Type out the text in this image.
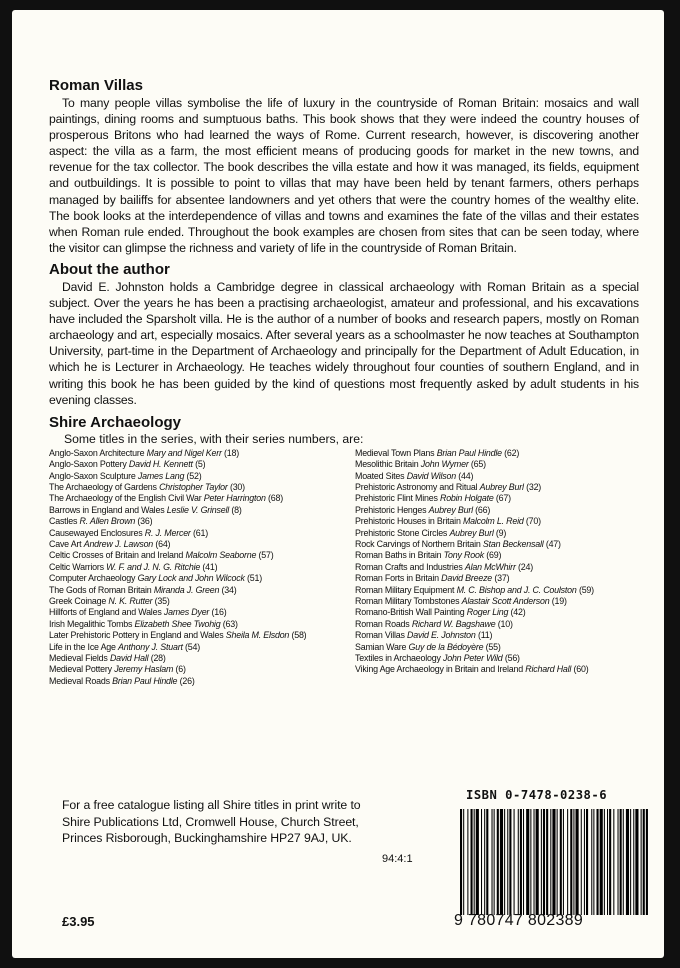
Roman Villas

To many people villas symbolise the life of luxury in the countryside of Roman Britain: mosaics and wall paintings, dining rooms and sumptuous baths. This book shows that they were indeed the country houses of prosperous Britons who had learned the ways of Rome. Current research, however, is discovering another aspect: the villa as a farm, the most efficient means of producing goods for market in the new towns, and revenue for the tax collector. The book describes the villa estate and how it was managed, its fields, equipment and outbuildings. It is possible to point to villas that may have been held by tenant farmers, others perhaps managed by bailiffs for absentee landowners and yet others that were the country homes of the wealthy elite. The book looks at the interdependence of villas and towns and examines the fate of the villas and their estates when Roman rule ended. Throughout the book examples are chosen from sites that can be seen today, where the visitor can glimpse the richness and variety of life in the countryside of Roman Britain.

About the author

David E. Johnston holds a Cambridge degree in classical archaeology with Roman Britain as a special subject. Over the years he has been a practising archaeologist, amateur and professional, and his excavations have included the Sparsholt villa. He is the author of a number of books and research papers, mostly on Roman archaeology and art, especially mosaics. After several years as a schoolmaster he now teaches at Southampton University, part-time in the Department of Archaeology and principally for the Department of Adult Education, in which he is Lecturer in Archaeology. He teaches widely throughout four counties of southern England, and in writing this book he has been guided by the kind of questions most frequently asked by adult students in his evening classes.

Shire Archaeology
Some titles in the series, with their series numbers, are:
Anglo-Saxon Architecture Mary and Nigel Kerr (18)
Anglo-Saxon Pottery David H. Kennett (5)
Anglo-Saxon Sculpture James Lang (52)
The Archaeology of Gardens Christopher Taylor (30)
The Archaeology of the English Civil War Peter Harrington (68)
Barrows in England and Wales Leslie V. Grinsell (8)
Castles R. Allen Brown (36)
Causewayed Enclosures R. J. Mercer (61)
Cave Art Andrew J. Lawson (64)
Celtic Crosses of Britain and Ireland Malcolm Seaborne (57)
Celtic Warriors W. F. and J. N. G. Ritchie (41)
Computer Archaeology Gary Lock and John Wilcock (51)
The Gods of Roman Britain Miranda J. Green (34)
Greek Coinage N. K. Rutter (35)
Hillforts of England and Wales James Dyer (16)
Irish Megalithic Tombs Elizabeth Shee Twohig (63)
Later Prehistoric Pottery in England and Wales Sheila M. Elsdon (58)
Life in the Ice Age Anthony J. Stuart (54)
Medieval Fields David Hall (28)
Medieval Pottery Jeremy Haslam (6)
Medieval Roads Brian Paul Hindle (26)
Medieval Town Plans Brian Paul Hindle (62)
Mesolithic Britain John Wymer (65)
Moated Sites David Wilson (44)
Prehistoric Astronomy and Ritual Aubrey Burl (32)
Prehistoric Flint Mines Robin Holgate (67)
Prehistoric Henges Aubrey Burl (66)
Prehistoric Houses in Britain Malcolm L. Reid (70)
Prehistoric Stone Circles Aubrey Burl (9)
Rock Carvings of Northern Britain Stan Beckensall (47)
Roman Baths in Britain Tony Rook (69)
Roman Crafts and Industries Alan McWhirr (24)
Roman Forts in Britain David Breeze (37)
Roman Military Equipment M. C. Bishop and J. C. Coulston (59)
Roman Military Tombstones Alastair Scott Anderson (19)
Romano-British Wall Painting Roger Ling (42)
Roman Roads Richard W. Bagshawe (10)
Roman Villas David E. Johnston (11)
Samian Ware Guy de la Bédoyère (55)
Textiles in Archaeology John Peter Wild (56)
Viking Age Archaeology in Britain and Ireland Richard Hall (60)
For a free catalogue listing all Shire titles in print write to
Shire Publications Ltd, Cromwell House, Church Street,
Princes Risborough, Buckinghamshire HP27 9AJ, UK.
94:4:1
£3.95
ISBN 0-7478-0238-6
9 780747 802389
